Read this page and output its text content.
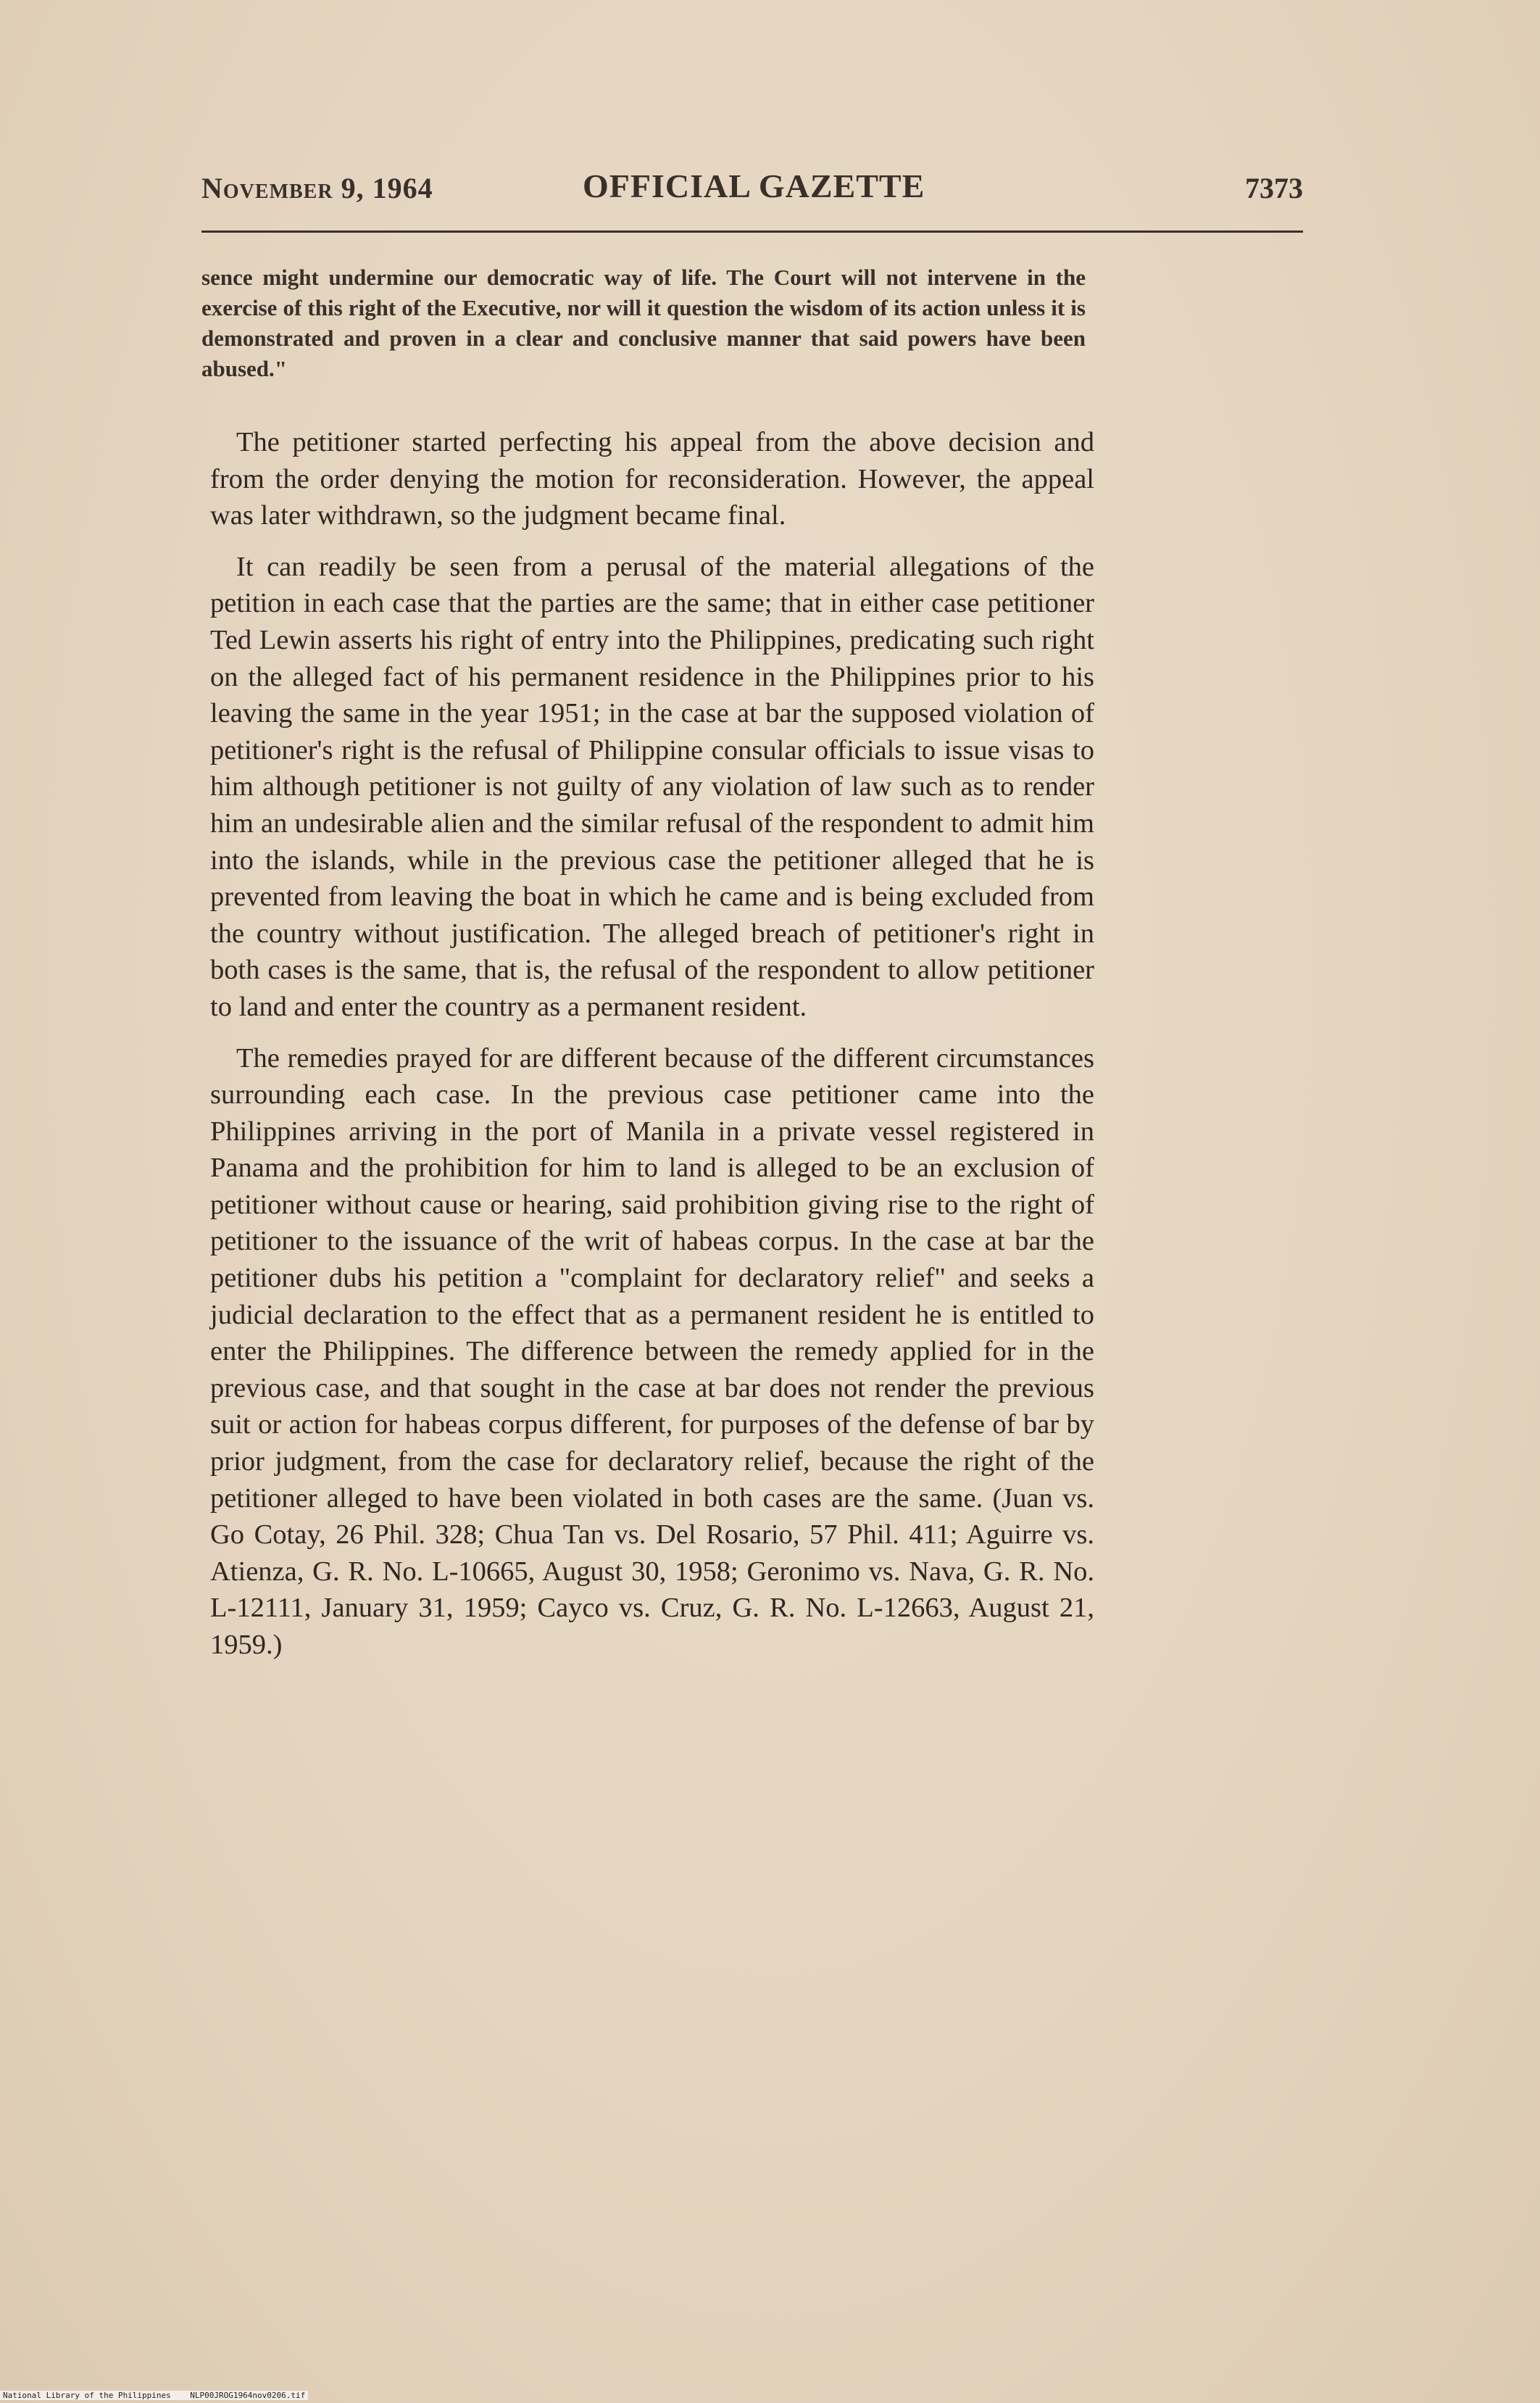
November 9, 1964	OFFICIAL GAZETTE	7373
sence might undermine our democratic way of life. The Court will not intervene in the exercise of this right of the Executive, nor will it question the wisdom of its action unless it is demonstrated and proven in a clear and conclusive manner that said powers have been abused."

The petitioner started perfecting his appeal from the above decision and from the order denying the motion for reconsideration. However, the appeal was later withdrawn, so the judgment became final.

It can readily be seen from a perusal of the material allegations of the petition in each case that the parties are the same; that in either case petitioner Ted Lewin asserts his right of entry into the Philippines, predicating such right on the alleged fact of his permanent residence in the Philippines prior to his leaving the same in the year 1951; in the case at bar the supposed violation of petitioner's right is the refusal of Philippine consular officials to issue visas to him although petitioner is not guilty of any violation of law such as to render him an undesirable alien and the similar refusal of the respondent to admit him into the islands, while in the previous case the petitioner alleged that he is prevented from leaving the boat in which he came and is being excluded from the country without justification. The alleged breach of petitioner's right in both cases is the same, that is, the refusal of the respondent to allow petitioner to land and enter the country as a permanent resident.

The remedies prayed for are different because of the different circumstances surrounding each case. In the previous case petitioner came into the Philippines arriving in the port of Manila in a private vessel registered in Panama and the prohibition for him to land is alleged to be an exclusion of petitioner without cause or hearing, said prohibition giving rise to the right of petitioner to the issuance of the writ of habeas corpus. In the case at bar the petitioner dubs his petition a "complaint for declaratory relief" and seeks a judicial declaration to the effect that as a permanent resident he is entitled to enter the Philippines. The difference between the remedy applied for in the previous case, and that sought in the case at bar does not render the previous suit or action for habeas corpus different, for purposes of the defense of bar by prior judgment, from the case for declaratory relief, because the right of the petitioner alleged to have been violated in both cases are the same. (Juan vs. Go Cotay, 26 Phil. 328; Chua Tan vs. Del Rosario, 57 Phil. 411; Aguirre vs. Atienza, G. R. No. L-10665, August 30, 1958; Geronimo vs. Nava, G. R. No. L-12111, January 31, 1959; Cayco vs. Cruz, G. R. No. L-12663, August 21, 1959.)

National Library of the Philippines    NLP00JROG1964nov0206.tif
